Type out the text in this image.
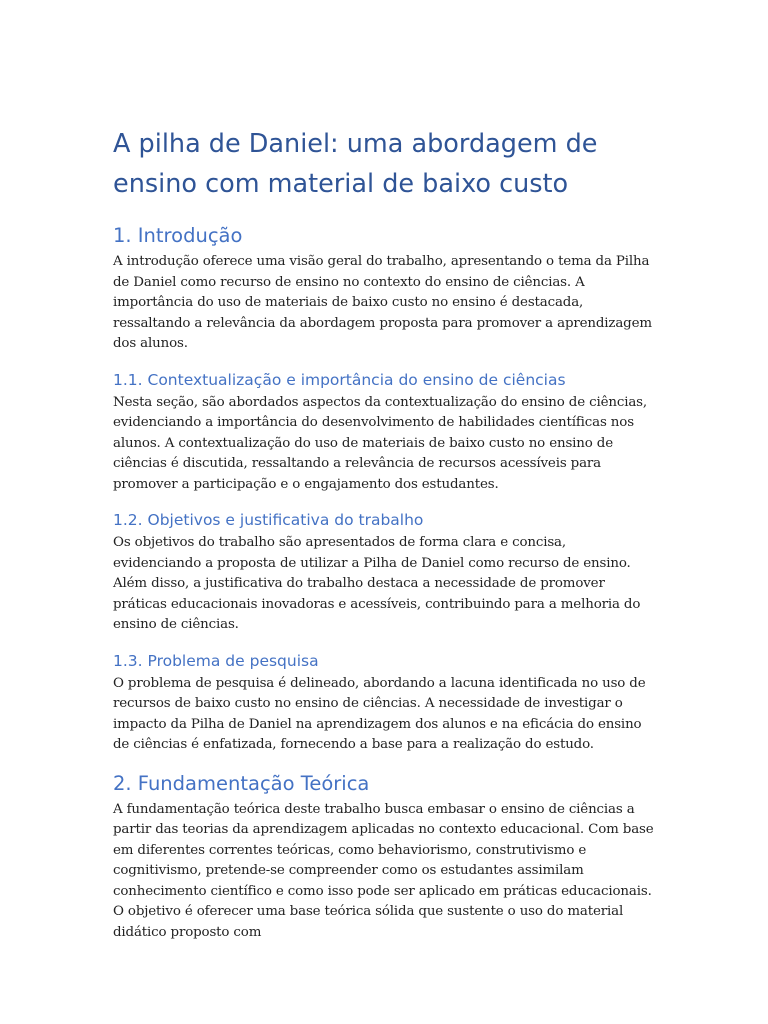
A pilha de Daniel: uma abordagem de ensino com material de baixo custo
1. Introdução

A introdução oferece uma visão geral do trabalho, apresentando o tema da Pilha de Daniel como recurso de ensino no contexto do ensino de ciências. A importância do uso de materiais de baixo custo no ensino é destacada, ressaltando a relevância da abordagem proposta para promover a aprendizagem dos alunos.

1.1. Contextualização e importância do ensino de ciências

Nesta seção, são abordados aspectos da contextualização do ensino de ciências, evidenciando a importância do desenvolvimento de habilidades científicas nos alunos. A contextualização do uso de materiais de baixo custo no ensino de ciências é discutida, ressaltando a relevância de recursos acessíveis para promover a participação e o engajamento dos estudantes.

1.2. Objetivos e justificativa do trabalho

Os objetivos do trabalho são apresentados de forma clara e concisa, evidenciando a proposta de utilizar a Pilha de Daniel como recurso de ensino. Além disso, a justificativa do trabalho destaca a necessidade de promover práticas educacionais inovadoras e acessíveis, contribuindo para a melhoria do ensino de ciências.

1.3. Problema de pesquisa

O problema de pesquisa é delineado, abordando a lacuna identificada no uso de recursos de baixo custo no ensino de ciências. A necessidade de investigar o impacto da Pilha de Daniel na aprendizagem dos alunos e na eficácia do ensino de ciências é enfatizada, fornecendo a base para a realização do estudo.

2. Fundamentação Teórica

A fundamentação teórica deste trabalho busca embasar o ensino de ciências a partir das teorias da aprendizagem aplicadas no contexto educacional. Com base em diferentes correntes teóricas, como behaviorismo, construtivismo e cognitivismo, pretende-se compreender como os estudantes assimilam conhecimento científico e como isso pode ser aplicado em práticas educacionais. O objetivo é oferecer uma base teórica sólida que sustente o uso do material didático proposto com
